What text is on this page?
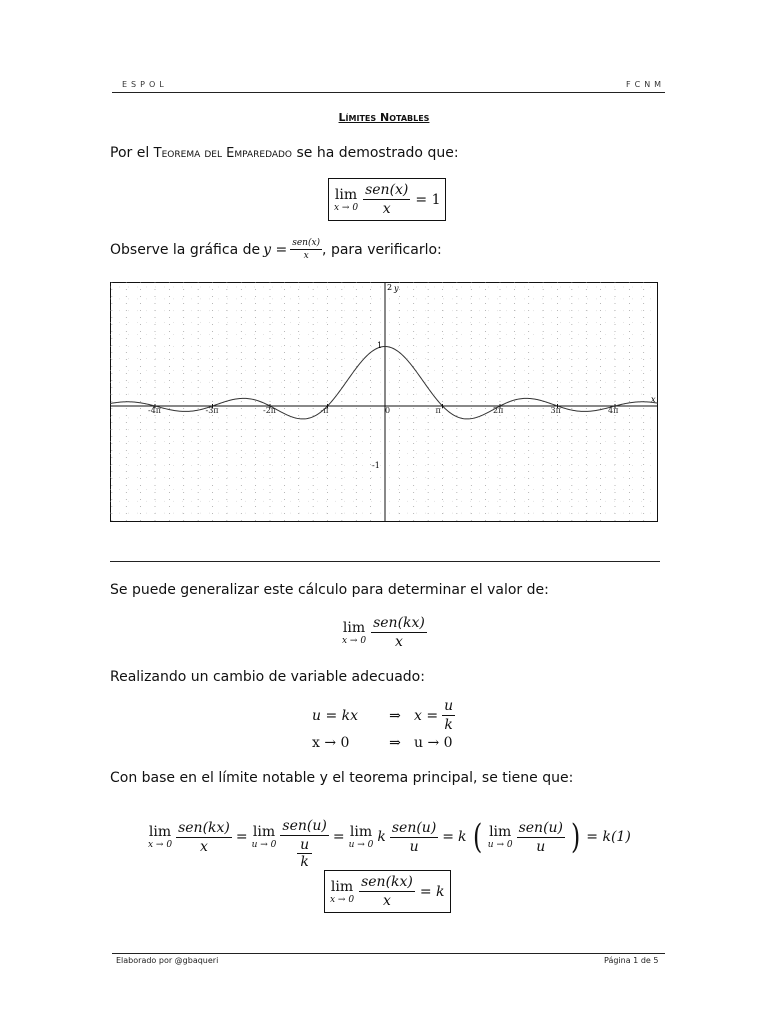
ESPOL	FCNM
Límites Notables
Por el Teorema del Emparedado se ha demostrado que:
lim
$x \to 0 \frac{\text{sen(x)}}{x} = 1$
Observe la gráfica de $y = \frac{\text{sen(x)}}{x}$ , para verificarlo:
-4π	-3π	-2π	-π	0	π	2π	3π	4π
2
1
-1
y
x
Se puede generalizar este cálculo para determinar el valor de:
lim
$x \to 0 \frac{\text{sen(kx)}}{x}$
Realizando un cambio de variable adecuado:
u = kx	⇒ $x = \frac{u}{k}$
x → 0	⇒ u → 0
Con base en el límite notable y el teorema principal, se tiene que:
lim
$x \to 0 \frac{\text{sen(kx)}}{x} = \lim$
u → 0 sen(u)
u
k = lim
u → 0 k $\frac{\text{sen(u)}}{u} = k$ ( lim
$u \to 0 \frac{\text{sen(u)}}{u}$ ) = k(1)
lim
$x \to 0 \frac{\text{sen(kx)}}{x} = k$
Elaborado por @gbaqueri	Página 1 de 5
